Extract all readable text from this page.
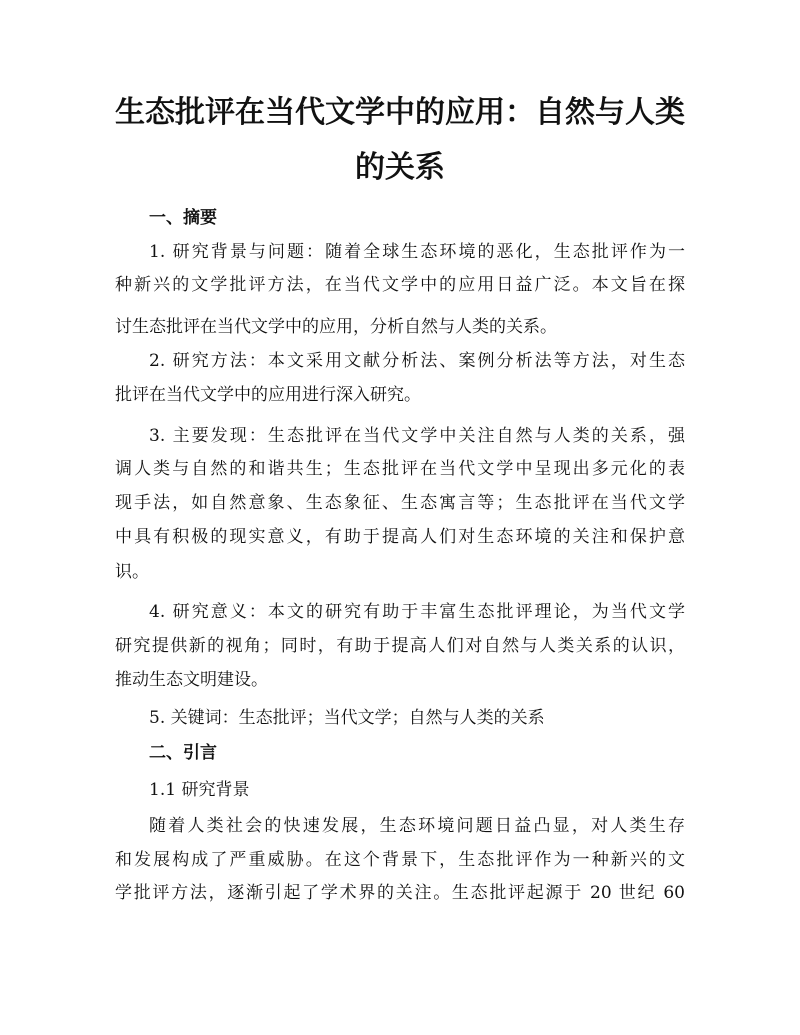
生态批评在当代文学中的应用：自然与人类
的关系
一、摘要

1. 研究背景与问题：随着全球生态环境的恶化，生态批评作为一

种新兴的文学批评方法，在当代文学中的应用日益广泛。本文旨在探

讨生态批评在当代文学中的应用，分析自然与人类的关系。

2. 研究方法：本文采用文献分析法、案例分析法等方法，对生态

批评在当代文学中的应用进行深入研究。

3. 主要发现：生态批评在当代文学中关注自然与人类的关系，强

调人类与自然的和谐共生；生态批评在当代文学中呈现出多元化的表

现手法，如自然意象、生态象征、生态寓言等；生态批评在当代文学

中具有积极的现实意义，有助于提高人们对生态环境的关注和保护意

识。

4. 研究意义：本文的研究有助于丰富生态批评理论，为当代文学

研究提供新的视角；同时，有助于提高人们对自然与人类关系的认识，

推动生态文明建设。

5. 关键词：生态批评；当代文学；自然与人类的关系

二、引言

1.1 研究背景

随着人类社会的快速发展，生态环境问题日益凸显，对人类生存

和发展构成了严重威胁。在这个背景下，生态批评作为一种新兴的文

学批评方法，逐渐引起了学术界的关注。生态批评起源于 20 世纪 60
